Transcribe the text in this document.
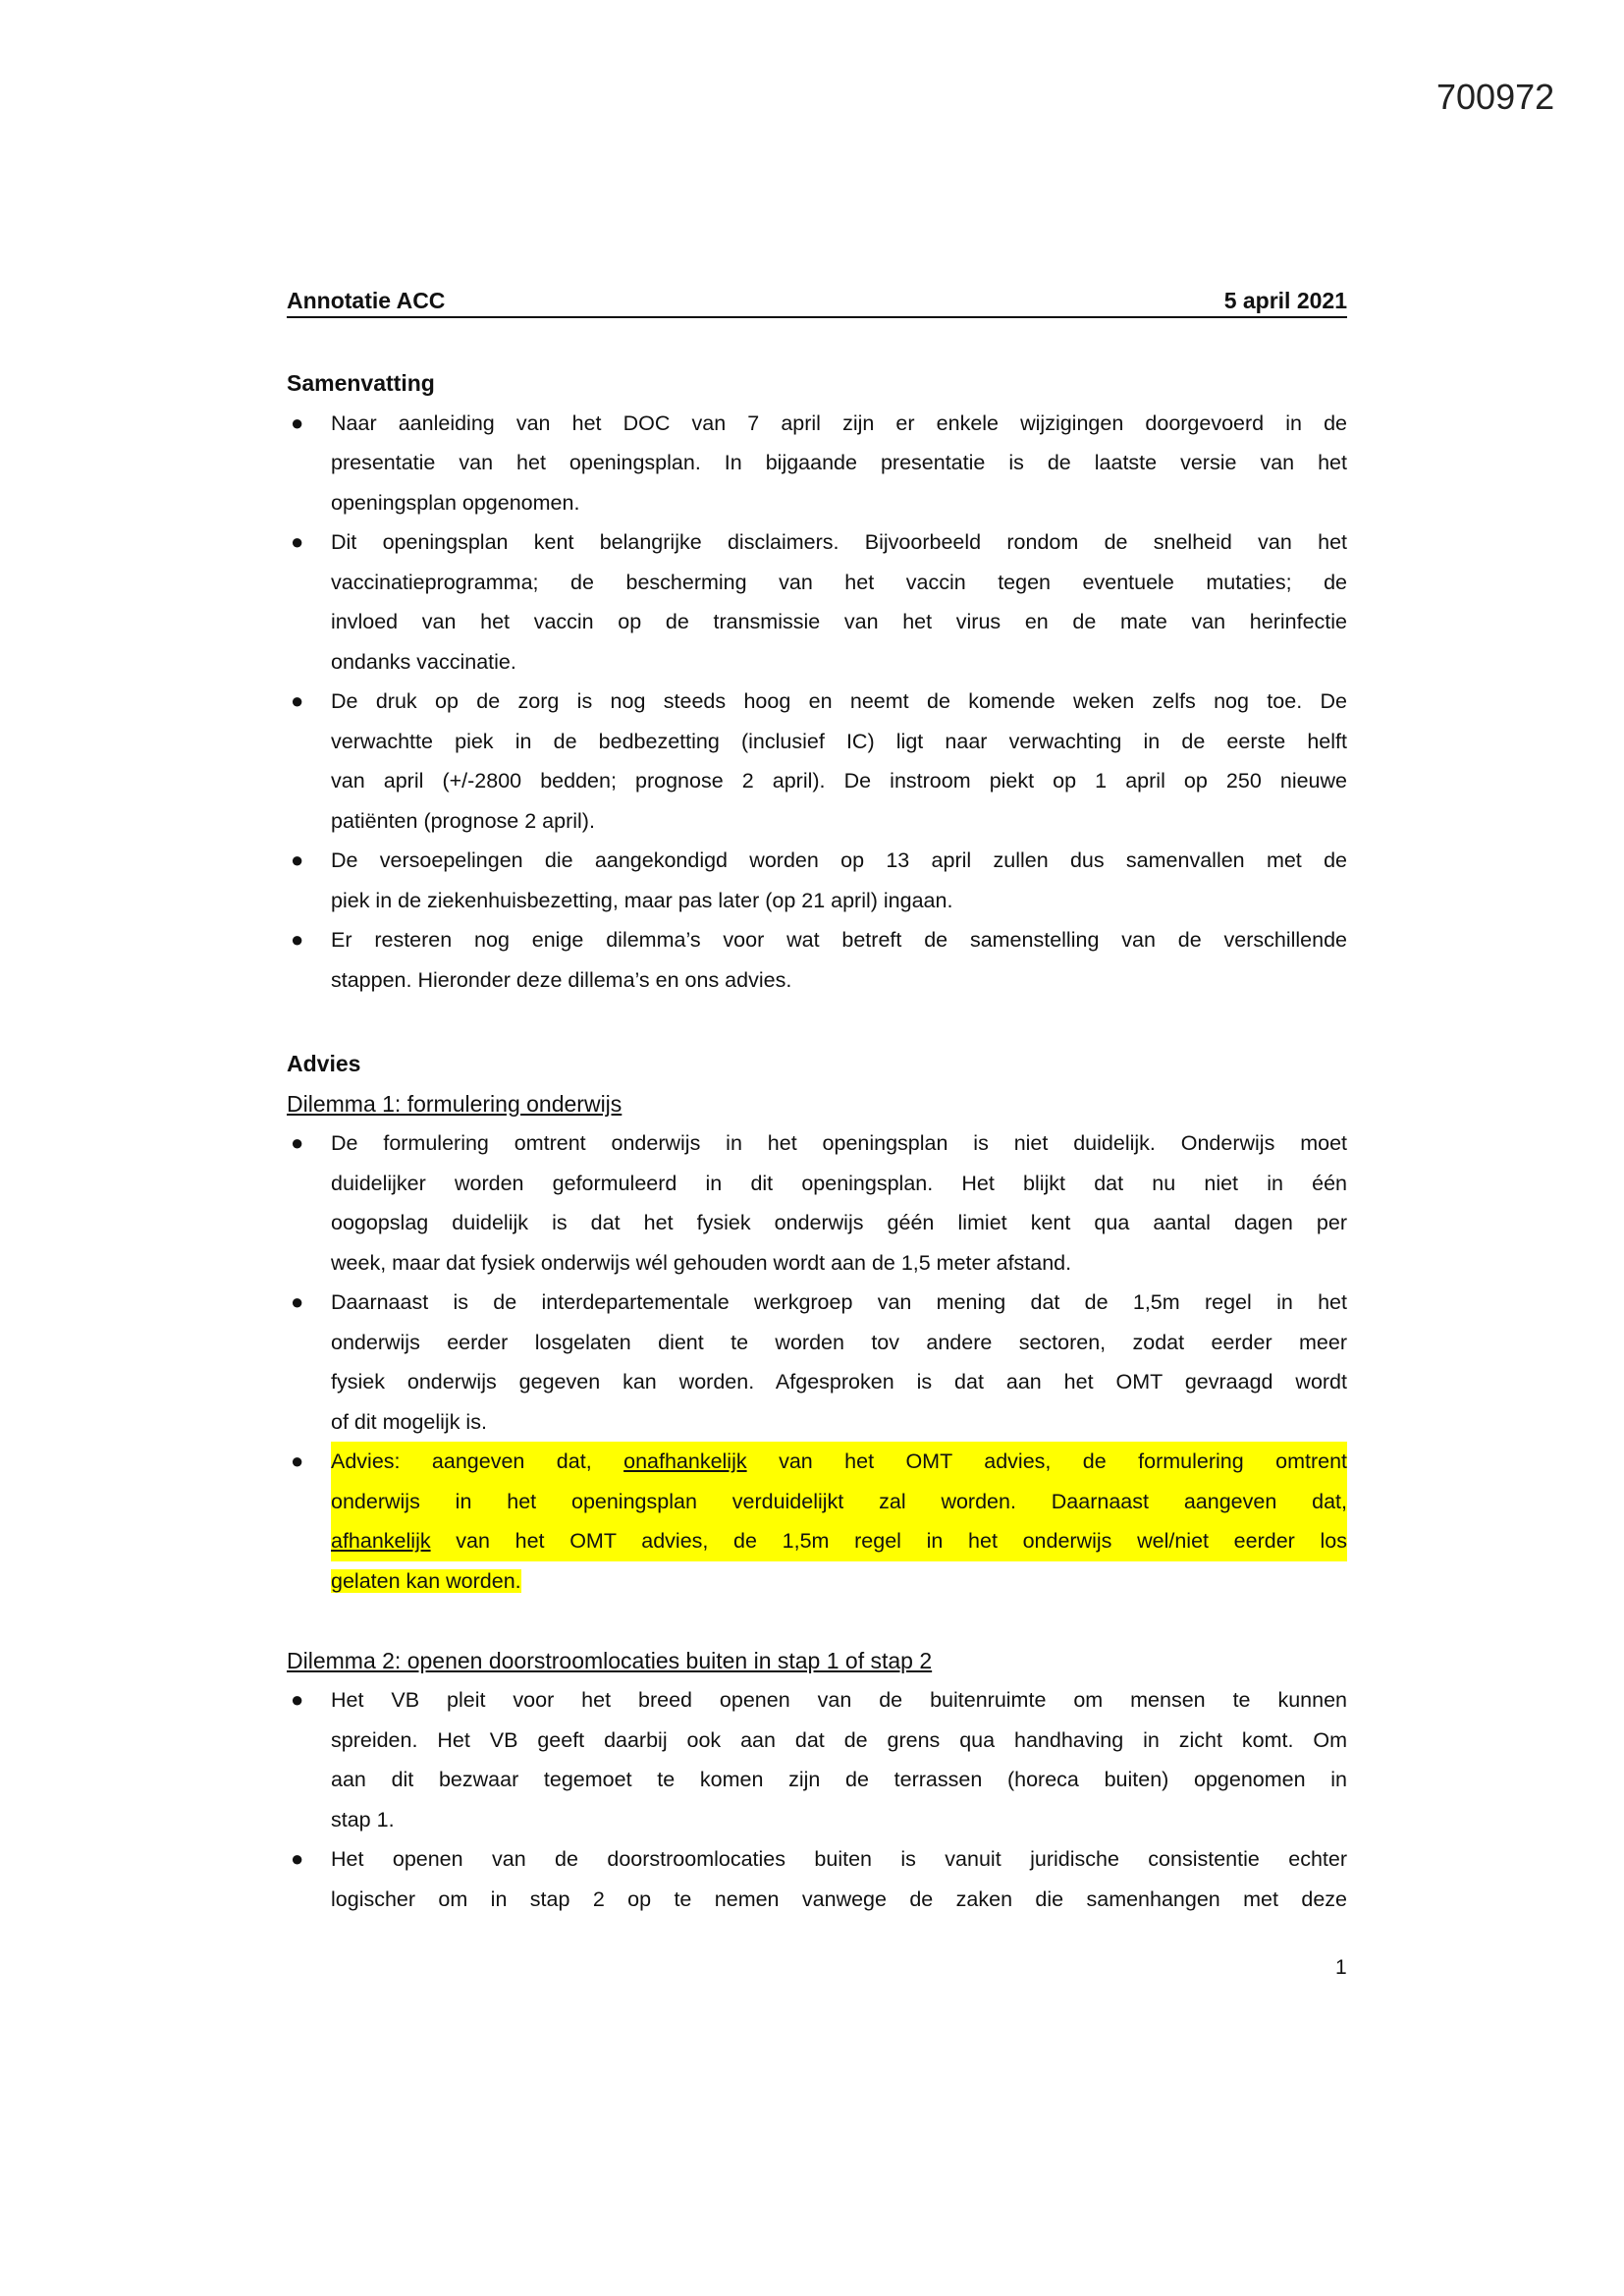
700972
Annotatie ACC	5 april 2021
Samenvatting
● Naar aanleiding van het DOC van 7 april zijn er enkele wijzigingen doorgevoerd in de
presentatie van het openingsplan. In bijgaande presentatie is de laatste versie van het
openingsplan opgenomen.
● Dit openingsplan kent belangrijke disclaimers. Bijvoorbeeld rondom de snelheid van het
vaccinatieprogramma; de bescherming van het vaccin tegen eventuele mutaties; de
invloed van het vaccin op de transmissie van het virus en de mate van herinfectie
ondanks vaccinatie.
● De druk op de zorg is nog steeds hoog en neemt de komende weken zelfs nog toe. De
verwachtte piek in de bedbezetting (inclusief IC) ligt naar verwachting in de eerste helft
van april (+/-2800 bedden; prognose 2 april). De instroom piekt op 1 april op 250 nieuwe
patiënten (prognose 2 april).
● De versoepelingen die aangekondigd worden op 13 april zullen dus samenvallen met de
piek in de ziekenhuisbezetting, maar pas later (op 21 april) ingaan.
● Er resteren nog enige dilemma’s voor wat betreft de samenstelling van de verschillende
stappen. Hieronder deze dillema’s en ons advies.
Advies
Dilemma 1: formulering onderwijs
● De formulering omtrent onderwijs in het openingsplan is niet duidelijk. Onderwijs moet
duidelijker worden geformuleerd in dit openingsplan. Het blijkt dat nu niet in één
oogopslag duidelijk is dat het fysiek onderwijs géén limiet kent qua aantal dagen per
week, maar dat fysiek onderwijs wél gehouden wordt aan de 1,5 meter afstand.
● Daarnaast is de interdepartementale werkgroep van mening dat de 1,5m regel in het
onderwijs eerder losgelaten dient te worden tov andere sectoren, zodat eerder meer
fysiek onderwijs gegeven kan worden. Afgesproken is dat aan het OMT gevraagd wordt
of dit mogelijk is.
● Advies: aangeven dat, onafhankelijk van het OMT advies, de formulering omtrent
onderwijs in het openingsplan verduidelijkt zal worden. Daarnaast aangeven dat,
afhankelijk van het OMT advies, de 1,5m regel in het onderwijs wel/niet eerder los
gelaten kan worden.
Dilemma 2: openen doorstroomlocaties buiten in stap 1 of stap 2
● Het VB pleit voor het breed openen van de buitenruimte om mensen te kunnen
spreiden. Het VB geeft daarbij ook aan dat de grens qua handhaving in zicht komt. Om
aan dit bezwaar tegemoet te komen zijn de terrassen (horeca buiten) opgenomen in
stap 1.
● Het openen van de doorstroomlocaties buiten is vanuit juridische consistentie echter
logischer om in stap 2 op te nemen vanwege de zaken die samenhangen met deze
1
